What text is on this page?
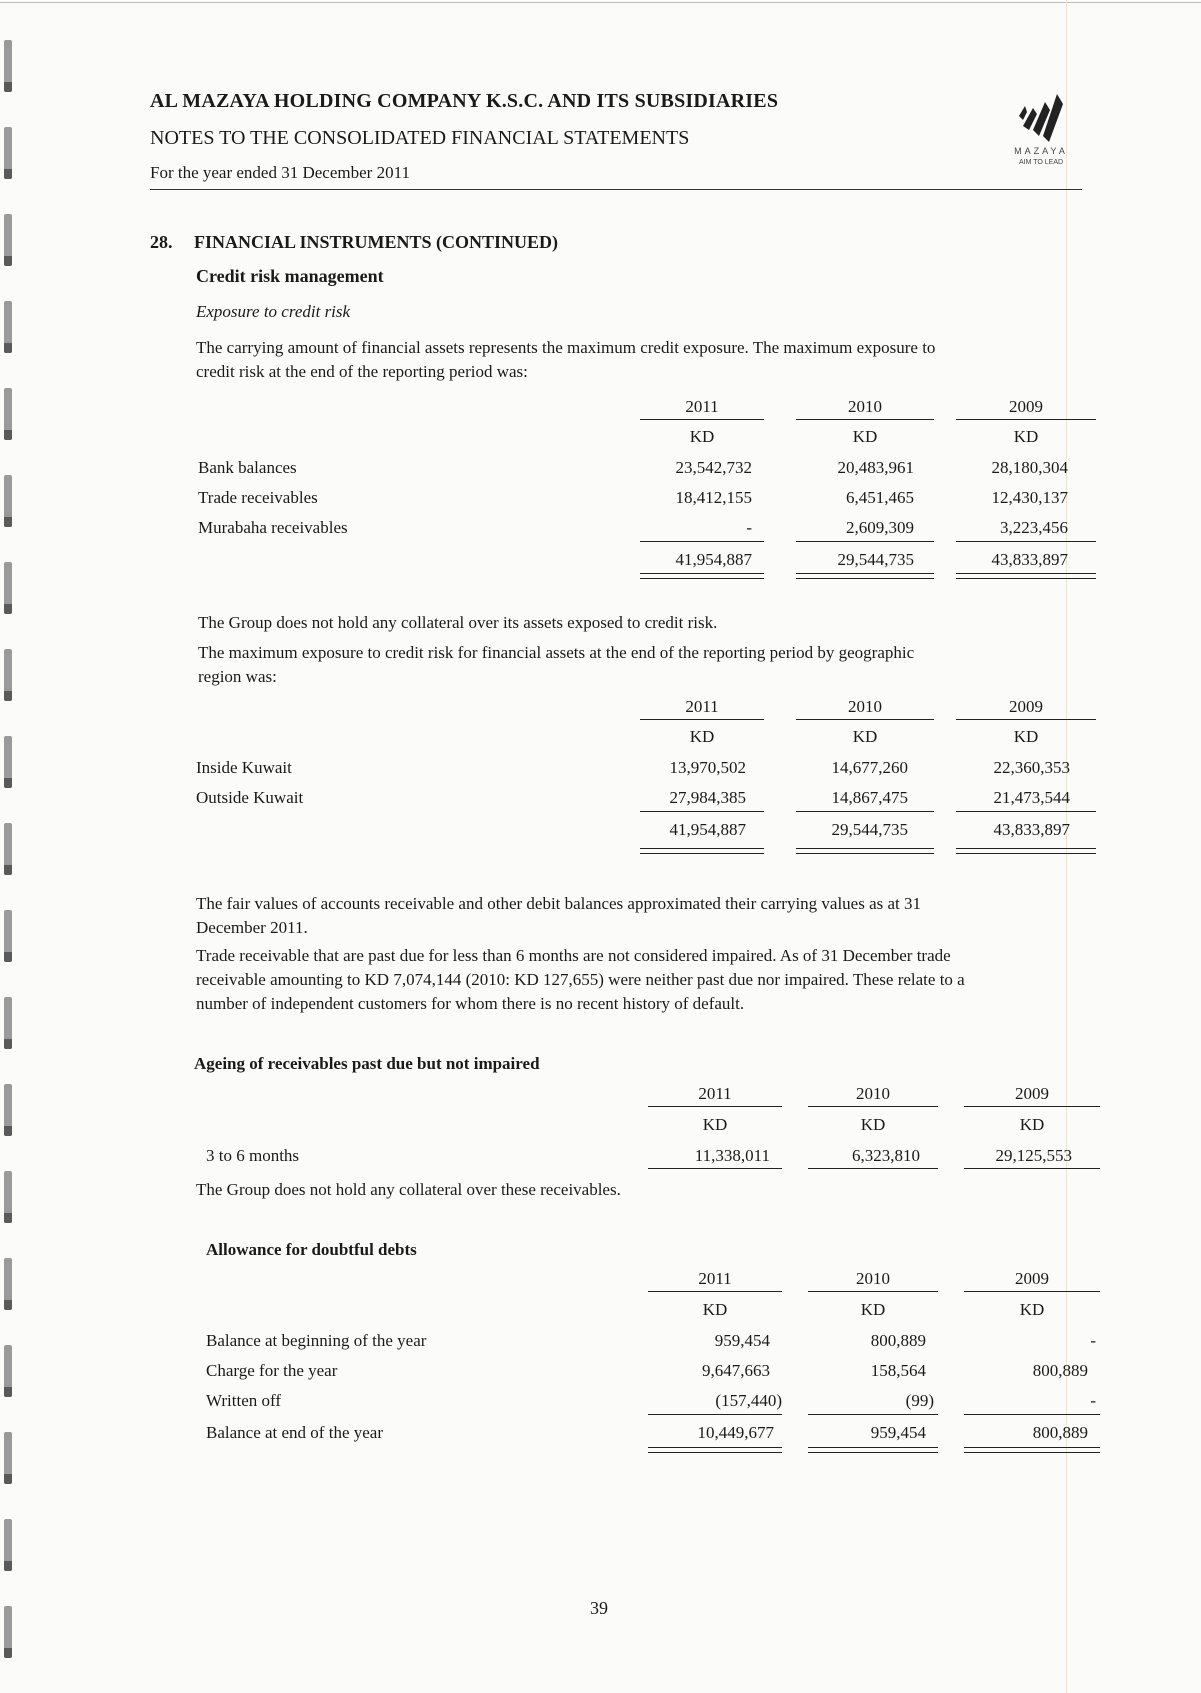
AL MAZAYA HOLDING COMPANY K.S.C. AND ITS SUBSIDIARIES
NOTES TO THE CONSOLIDATED FINANCIAL STATEMENTS
For the year ended 31 December 2011
MAZAYA
AIM TO LEAD
28. FINANCIAL INSTRUMENTS (CONTINUED)
Credit risk management
Exposure to credit risk
The carrying amount of financial assets represents the maximum credit exposure. The maximum exposure to
credit risk at the end of the reporting period was:
2011	2010	2009
KD	KD	KD
Bank balances	23,542,732	20,483,961	28,180,304
Trade receivables	18,412,155	6,451,465	12,430,137
Murabaha receivables	-	2,609,309	3,223,456
41,954,887	29,544,735	43,833,897
The Group does not hold any collateral over its assets exposed to credit risk.
The maximum exposure to credit risk for financial assets at the end of the reporting period by geographic
region was:
2011	2010	2009
KD	KD	KD
Inside Kuwait	13,970,502	14,677,260	22,360,353
Outside Kuwait	27,984,385	14,867,475	21,473,544
41,954,887	29,544,735	43,833,897
The fair values of accounts receivable and other debit balances approximated their carrying values as at 31
December 2011.
Trade receivable that are past due for less than 6 months are not considered impaired. As of 31 December trade
receivable amounting to KD 7,074,144 (2010: KD 127,655) were neither past due nor impaired. These relate to a
number of independent customers for whom there is no recent history of default.
Ageing of receivables past due but not impaired
2011	2010	2009
KD	KD	KD
3 to 6 months	11,338,011	6,323,810	29,125,553
The Group does not hold any collateral over these receivables.
Allowance for doubtful debts
2011	2010	2009
KD	KD	KD
Balance at beginning of the year	959,454	800,889	-
Charge for the year	9,647,663	158,564	800,889
Written off	(157,440)	(99)	-
Balance at end of the year	10,449,677	959,454	800,889
39
